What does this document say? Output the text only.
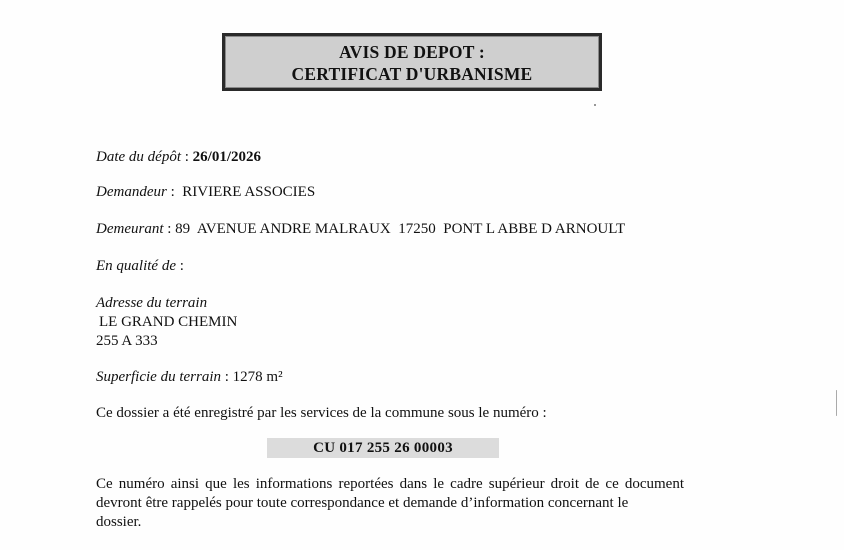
AVIS DE DEPOT :
CERTIFICAT D'URBANISME
Date du dépôt : 26/01/2026
Demandeur :  RIVIERE ASSOCIES
Demeurant : 89  AVENUE ANDRE MALRAUX  17250  PONT L ABBE D ARNOULT
En qualité de :
Adresse du terrain
LE GRAND CHEMIN
255 A 333
Superficie du terrain : 1278 m²
Ce dossier a été enregistré par les services de la commune sous le numéro :
CU 017 255 26 00003
Ce numéro ainsi que les informations reportées dans le cadre supérieur droit de ce document devront être rappelés pour toute correspondance et demande d’information concernant le
dossier.
